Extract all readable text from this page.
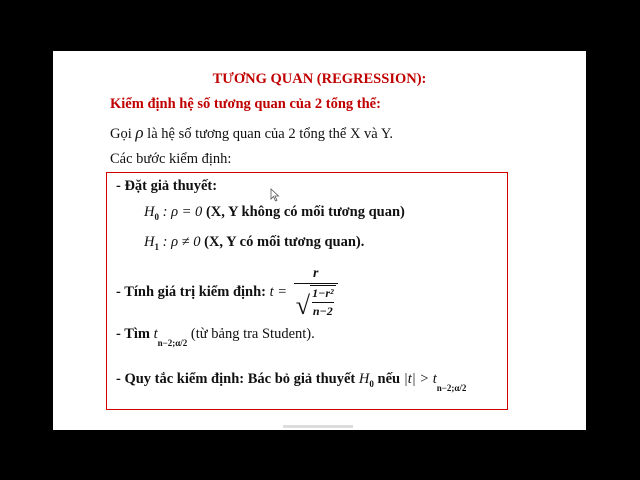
TƯƠNG QUAN (REGRESSION):
Kiểm định hệ số tương quan của 2 tổng thể:
Gọi ρ là hệ số tương quan của 2 tổng thể X và Y.
Các bước kiểm định:
- Đặt giả thuyết:
$H_0$ : ρ = 0 (X, Y không có mối tương quan)
$H_1$ : ρ ≠ 0 (X, Y có mối tương quan).
- Tính giá trị kiểm định: $t = \frac{r}{√ \frac{\text{1−r²}}{n-2}}$
- Tìm $t_{n-2;\alpha/2}$ (từ bảng tra Student).
- Quy tắc kiểm định: Bác bỏ giả thuyết $H_0$ nếu $|t| > t_{n-2;\alpha/2}$
